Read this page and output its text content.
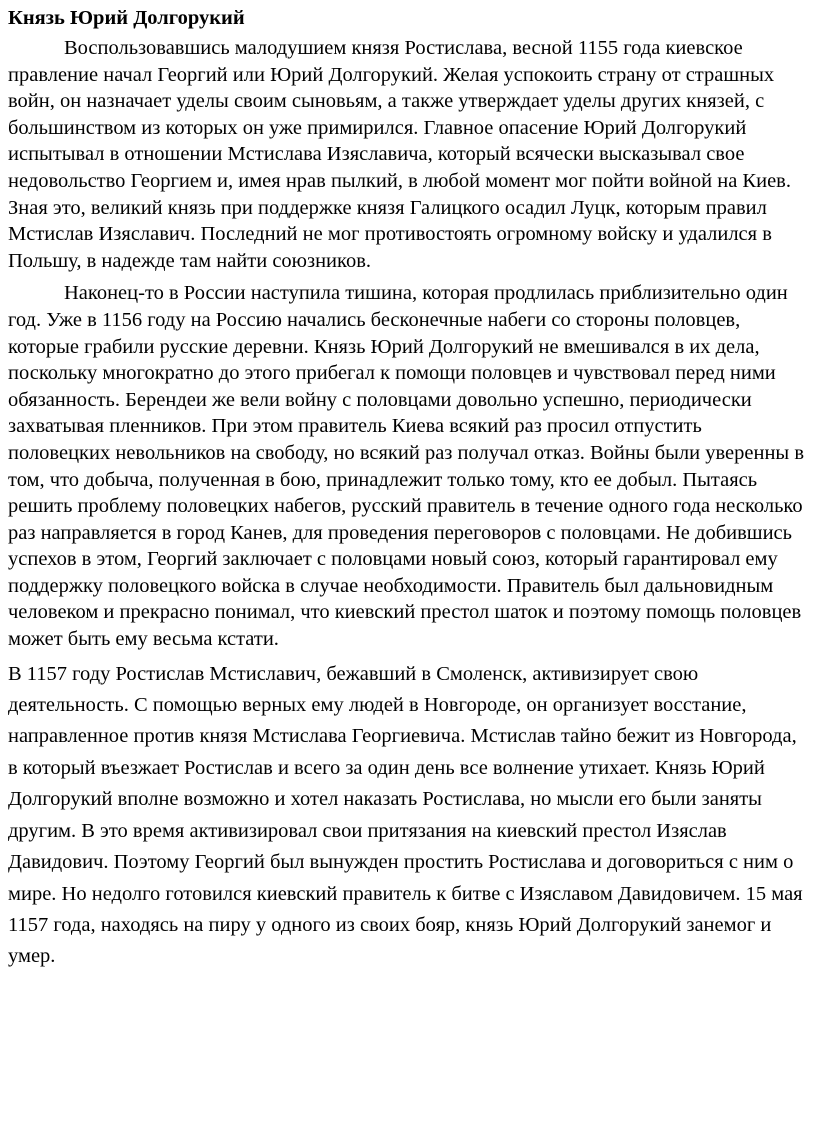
Князь Юрий Долгорукий

Воспользовавшись малодушием князя Ростислава, весной 1155 года киевское правление начал Георгий или Юрий Долгорукий. Желая успокоить страну от страшных войн, он назначает уделы своим сыновьям, а также утверждает уделы других князей, с большинством из которых он уже примирился. Главное опасение Юрий Долгорукий испытывал в отношении Мстислава Изяславича, который всячески высказывал свое недовольство Георгием и, имея нрав пылкий, в любой момент мог пойти войной на Киев. Зная это, великий князь при поддержке князя Галицкого осадил Луцк, которым правил Мстислав Изяславич. Последний не мог противостоять огромному войску и удалился в Польшу, в надежде там найти союзников.

Наконец-то в России наступила тишина, которая продлилась приблизительно один год. Уже в 1156 году на Россию начались бесконечные набеги со стороны половцев, которые грабили русские деревни. Князь Юрий Долгорукий не вмешивался в их дела, поскольку многократно до этого прибегал к помощи половцев и чувствовал перед ними обязанность. Берендеи же вели войну с половцами довольно успешно, периодически захватывая пленников. При этом правитель Киева всякий раз просил отпустить половецких невольников на свободу, но всякий раз получал отказ. Войны были уверенны в том, что добыча, полученная в бою, принадлежит только тому, кто ее добыл. Пытаясь решить проблему половецких набегов, русский правитель в течение одного года несколько раз направляется в город Канев, для проведения переговоров с половцами. Не добившись успехов в этом, Георгий заключает с половцами новый союз, который гарантировал ему поддержку половецкого войска в случае необходимости. Правитель был дальновидным человеком и прекрасно понимал, что киевский престол шаток и поэтому помощь половцев может быть ему весьма кстати.

В 1157 году Ростислав Мстиславич, бежавший в Смоленск, активизирует свою деятельность. С помощью верных ему людей в Новгороде, он организует восстание, направленное против князя Мстислава Георгиевича. Мстислав тайно бежит из Новгорода, в который въезжает Ростислав и всего за один день все волнение утихает. Князь Юрий Долгорукий вполне возможно и хотел наказать Ростислава, но мысли его были заняты другим. В это время активизировал свои притязания на киевский престол Изяслав Давидович. Поэтому Георгий был вынужден простить Ростислава и договориться с ним о мире. Но недолго готовился киевский правитель к битве с Изяславом Давидовичем. 15 мая 1157 года, находясь на пиру у одного из своих бояр, князь Юрий Долгорукий занемог и умер.
